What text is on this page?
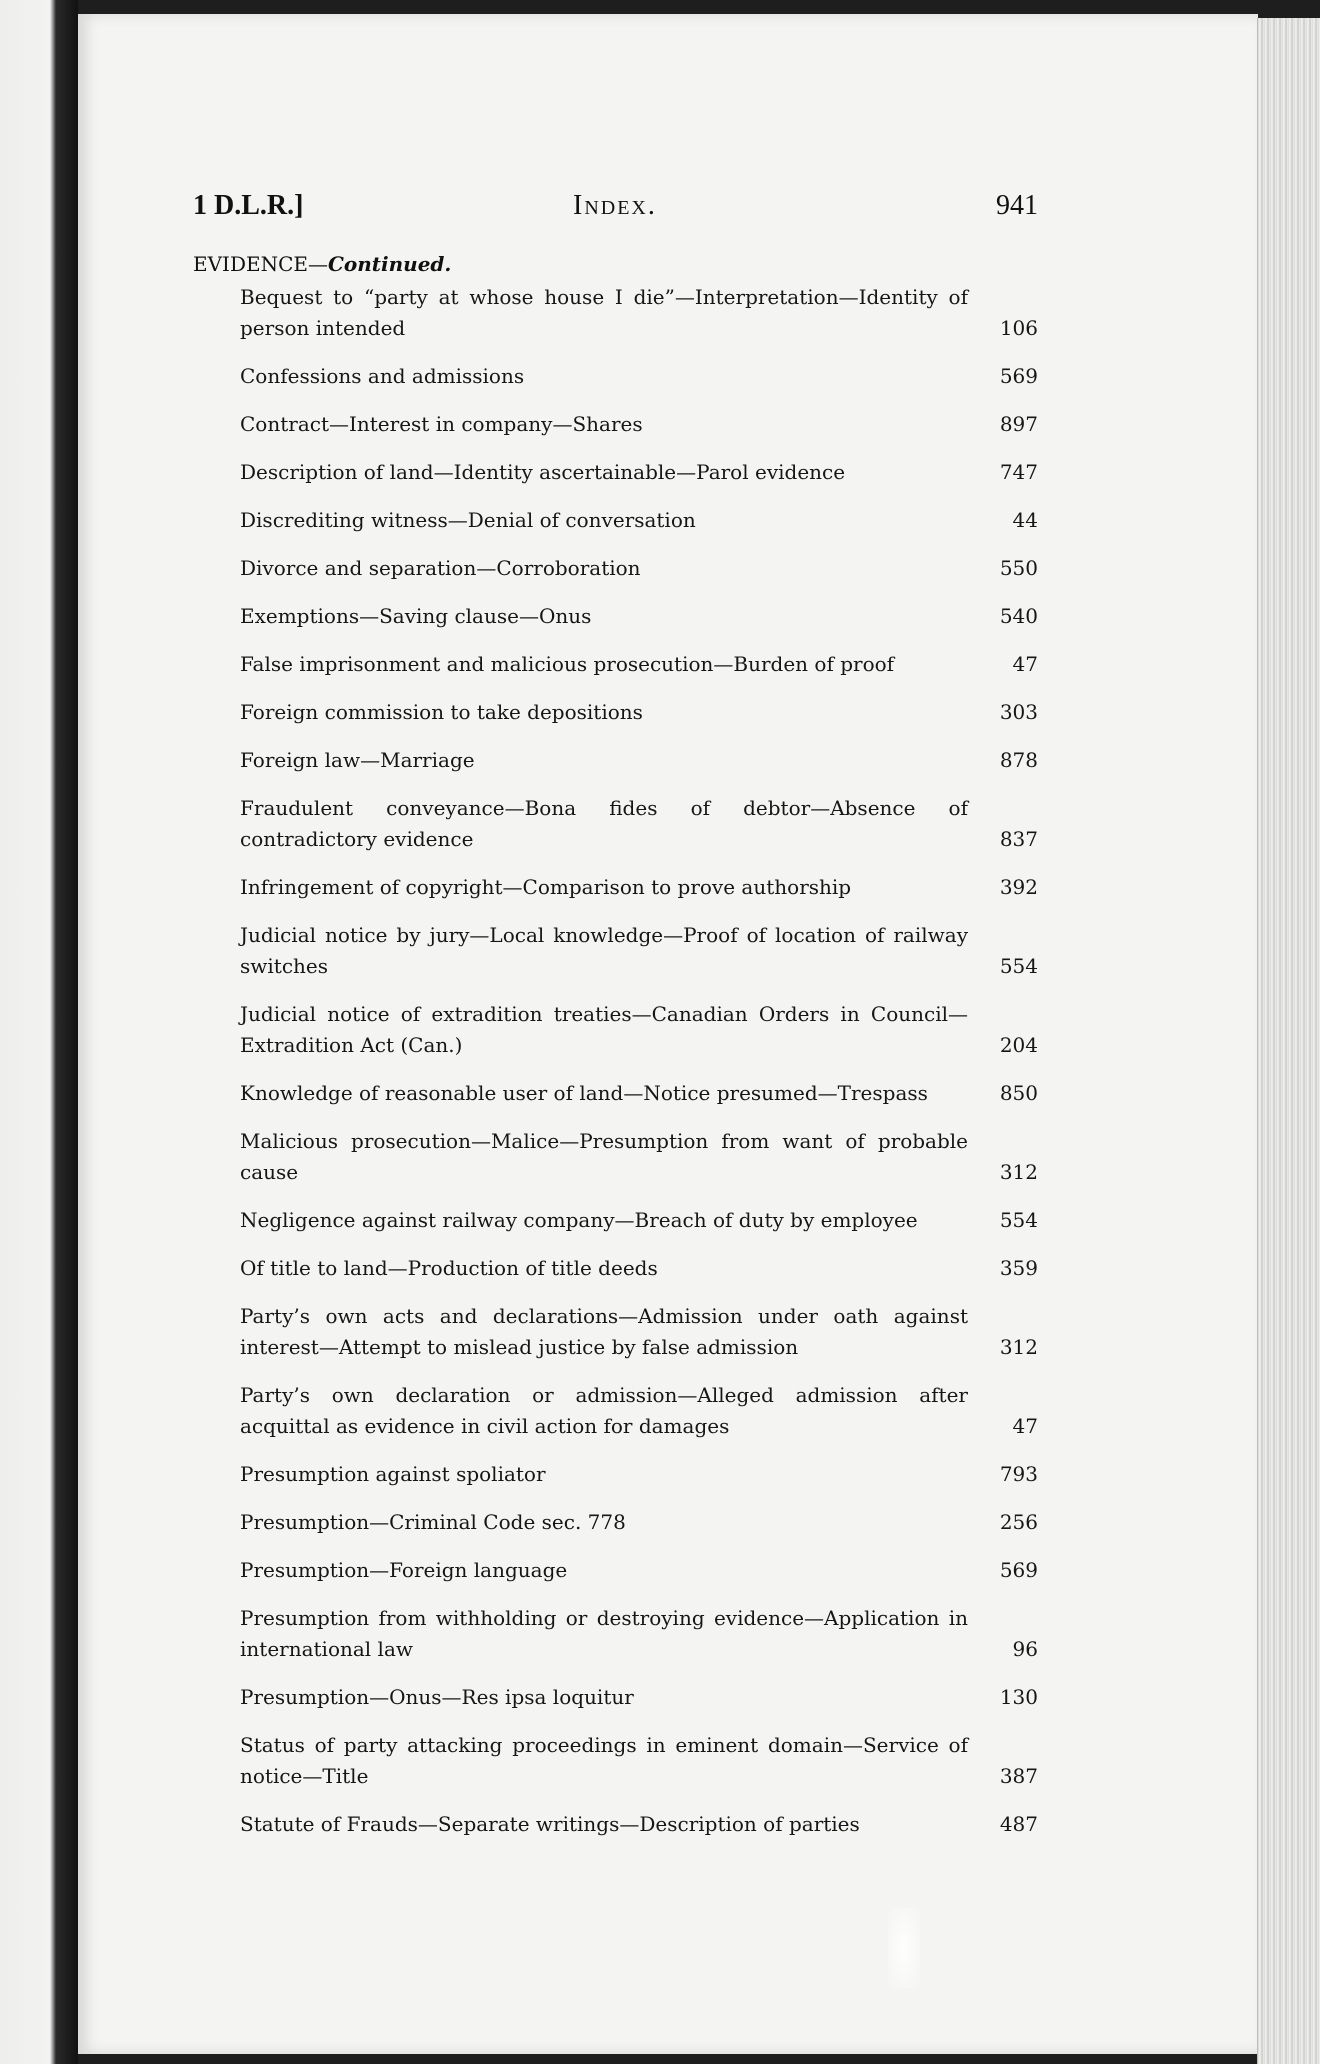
1 D.L.R.]	Index.	941
EVIDENCE—Continued.
Bequest to “party at whose house I die”—Interpretation—Identity of person intended	106
Confessions and admissions	569
Contract—Interest in company—Shares	897
Description of land—Identity ascertainable—Parol evidence	747
Discrediting witness—Denial of conversation	44
Divorce and separation—Corroboration	550
Exemptions—Saving clause—Onus	540
False imprisonment and malicious prosecution—Burden of proof	47
Foreign commission to take depositions	303
Foreign law—Marriage	878
Fraudulent conveyance—Bona fides of debtor—Absence of contradictory evidence	837
Infringement of copyright—Comparison to prove authorship	392
Judicial notice by jury—Local knowledge—Proof of location of railway switches	554
Judicial notice of extradition treaties—Canadian Orders in Council—Extradition Act (Can.)	204
Knowledge of reasonable user of land—Notice presumed—Trespass	850
Malicious prosecution—Malice—Presumption from want of probable cause	312
Negligence against railway company—Breach of duty by employee	554
Of title to land—Production of title deeds	359
Party’s own acts and declarations—Admission under oath against interest—Attempt to mislead justice by false admission	312
Party’s own declaration or admission—Alleged admission after acquittal as evidence in civil action for damages	47
Presumption against spoliator	793
Presumption—Criminal Code sec. 778	256
Presumption—Foreign language	569
Presumption from withholding or destroying evidence—Application in international law	96
Presumption—Onus—Res ipsa loquitur	130
Status of party attacking proceedings in eminent domain—Service of notice—Title	387
Statute of Frauds—Separate writings—Description of parties	487
